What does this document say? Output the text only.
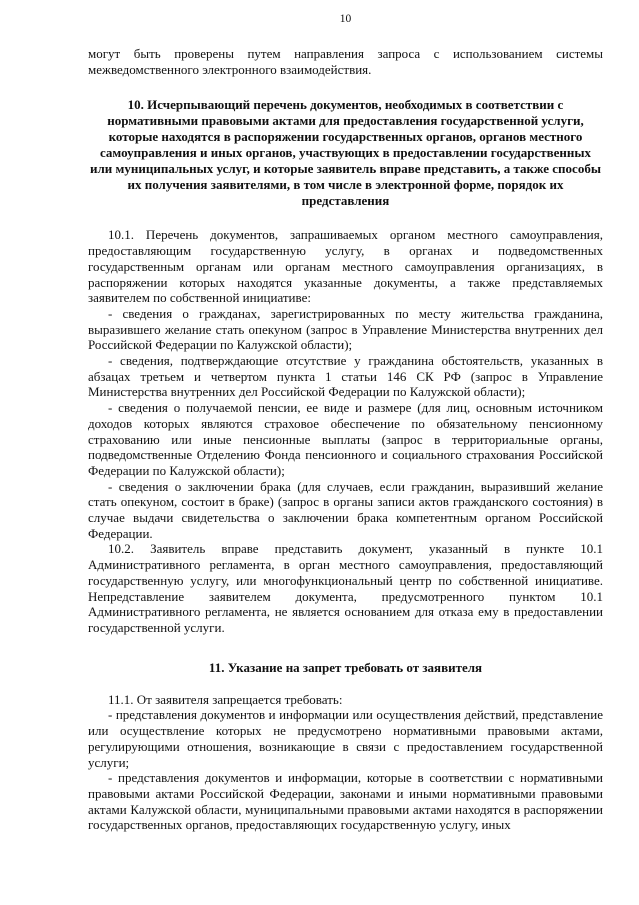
10

могут быть проверены путем направления запроса с использованием системы межведомственного электронного взаимодействия.

10. Исчерпывающий перечень документов, необходимых в соответствии с нормативными правовыми актами для предоставления государственной услуги, которые находятся в распоряжении государственных органов, органов местного самоуправления и иных органов, участвующих в предоставлении государственных или муниципальных услуг, и которые заявитель вправе представить, а также способы их получения заявителями, в том числе в электронной форме, порядок их представления

10.1. Перечень документов, запрашиваемых органом местного самоуправления, предоставляющим государственную услугу, в органах и подведомственных государственным органам или органам местного самоуправления организациях, в распоряжении которых находятся указанные документы, а также представляемых заявителем по собственной инициативе:

- сведения о гражданах, зарегистрированных по месту жительства гражданина, выразившего желание стать опекуном (запрос в Управление Министерства внутренних дел Российской Федерации по Калужской области);

- сведения, подтверждающие отсутствие у гражданина обстоятельств, указанных в абзацах третьем и четвертом пункта 1 статьи 146 СК РФ (запрос в Управление Министерства внутренних дел Российской Федерации по Калужской области);

- сведения о получаемой пенсии, ее виде и размере (для лиц, основным источником доходов которых являются страховое обеспечение по обязательному пенсионному страхованию или иные пенсионные выплаты (запрос в территориальные органы, подведомственные Отделению Фонда пенсионного и социального страхования Российской Федерации по Калужской области);

- сведения о заключении брака (для случаев, если гражданин, выразивший желание стать опекуном, состоит в браке) (запрос в органы записи актов гражданского состояния) в случае выдачи свидетельства о заключении брака компетентным органом Российской Федерации.

10.2. Заявитель вправе представить документ, указанный в пункте 10.1 Административного регламента, в орган местного самоуправления, предоставляющий государственную услугу, или многофункциональный центр по собственной инициативе. Непредставление заявителем документа, предусмотренного пунктом 10.1 Административного регламента, не является основанием для отказа ему в предоставлении государственной услуги.

11. Указание на запрет требовать от заявителя

11.1. От заявителя запрещается требовать:

- представления документов и информации или осуществления действий, представление или осуществление которых не предусмотрено нормативными правовыми актами, регулирующими отношения, возникающие в связи с предоставлением государственной услуги;

- представления документов и информации, которые в соответствии с нормативными правовыми актами Российской Федерации, законами и иными нормативными правовыми актами Калужской области, муниципальными правовыми актами находятся в распоряжении государственных органов, предоставляющих государственную услугу, иных
